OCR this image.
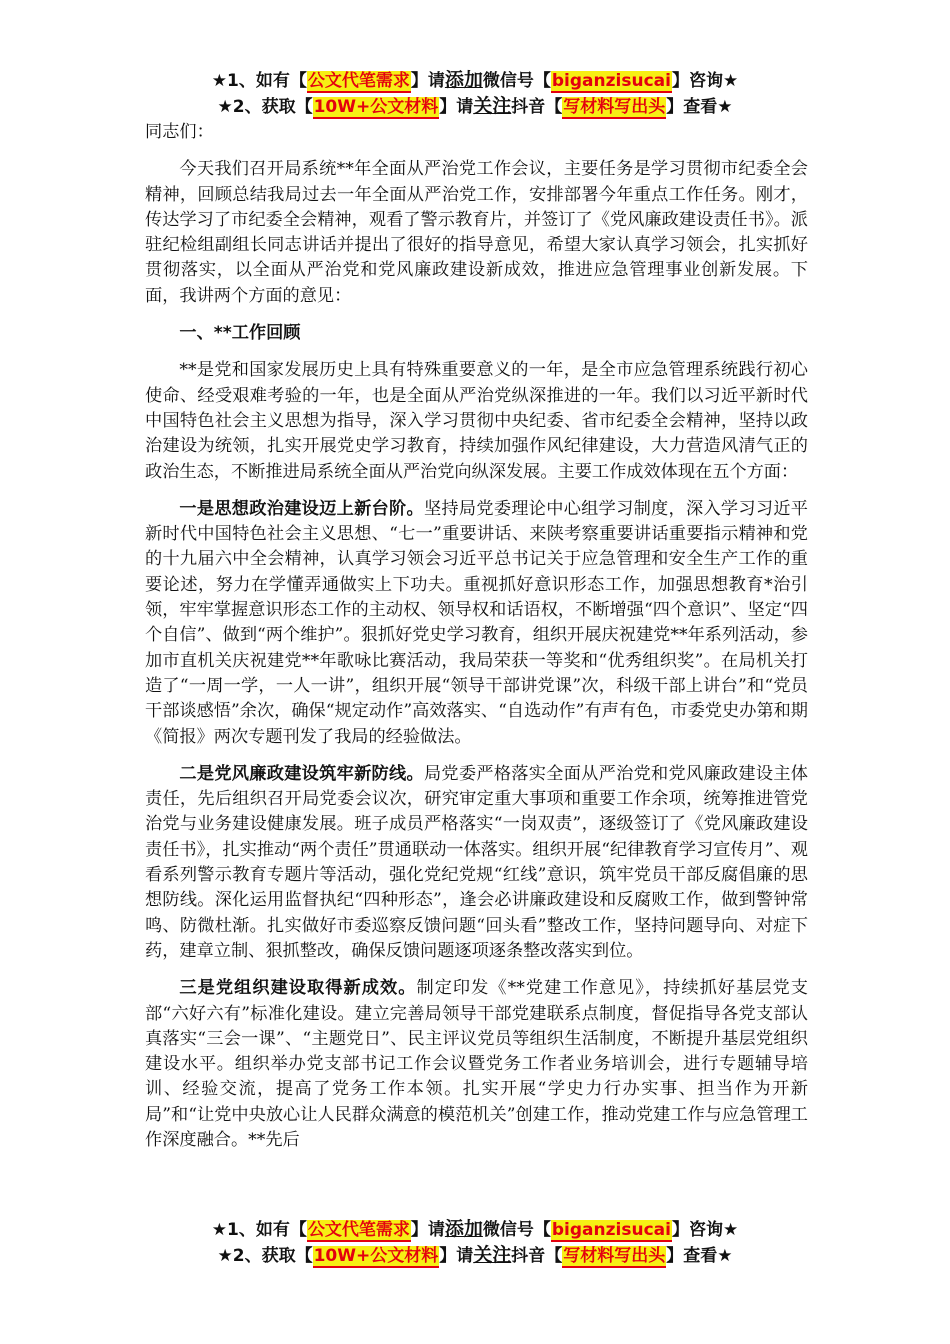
★1、如有【公文代笔需求】请添加微信号【biganzisucai】咨询★
★2、获取【10W+公文材料】请关注抖音【写材料写出头】查看★

同志们：

今天我们召开局系统**年全面从严治党工作会议，主要任务是学习贯彻市纪委全会精神，回顾总结我局过去一年全面从严治党工作，安排部署今年重点工作任务。刚才，传达学习了市纪委全会精神，观看了警示教育片，并签订了《党风廉政建设责任书》。派驻纪检组副组长同志讲话并提出了很好的指导意见，希望大家认真学习领会，扎实抓好贯彻落实，以全面从严治党和党风廉政建设新成效，推进应急管理事业创新发展。下面，我讲两个方面的意见：

一、**工作回顾

**是党和国家发展历史上具有特殊重要意义的一年，是全市应急管理系统践行初心使命、经受艰难考验的一年，也是全面从严治党纵深推进的一年。我们以习近平新时代中国特色社会主义思想为指导，深入学习贯彻中央纪委、省市纪委全会精神，坚持以政治建设为统领，扎实开展党史学习教育，持续加强作风纪律建设，大力营造风清气正的政治生态，不断推进局系统全面从严治党向纵深发展。主要工作成效体现在五个方面：

一是思想政治建设迈上新台阶。坚持局党委理论中心组学习制度，深入学习习近平新时代中国特色社会主义思想、“七一”重要讲话、来陕考察重要讲话重要指示精神和党的十九届六中全会精神，认真学习领会习近平总书记关于应急管理和安全生产工作的重要论述，努力在学懂弄通做实上下功夫。重视抓好意识形态工作，加强思想教育*治引领，牢牢掌握意识形态工作的主动权、领导权和话语权，不断增强“四个意识”、坚定“四个自信”、做到“两个维护”。狠抓好党史学习教育，组织开展庆祝建党**年系列活动，参加市直机关庆祝建党**年歌咏比赛活动，我局荣获一等奖和“优秀组织奖”。在局机关打造了“一周一学，一人一讲”，组织开展“领导干部讲党课”次，科级干部上讲台”和“党员干部谈感悟”余次，确保“规定动作”高效落实、“自选动作”有声有色，市委党史办第和期《简报》两次专题刊发了我局的经验做法。

二是党风廉政建设筑牢新防线。局党委严格落实全面从严治党和党风廉政建设主体责任，先后组织召开局党委会议次，研究审定重大事项和重要工作余项，统筹推进管党治党与业务建设健康发展。班子成员严格落实“一岗双责”，逐级签订了《党风廉政建设责任书》，扎实推动“两个责任”贯通联动一体落实。组织开展“纪律教育学习宣传月”、观看系列警示教育专题片等活动，强化党纪党规“红线”意识，筑牢党员干部反腐倡廉的思想防线。深化运用监督执纪“四种形态”，逢会必讲廉政建设和反腐败工作，做到警钟常鸣、防微杜渐。扎实做好市委巡察反馈问题“回头看”整改工作，坚持问题导向、对症下药，建章立制、狠抓整改，确保反馈问题逐项逐条整改落实到位。

三是党组织建设取得新成效。制定印发《**党建工作意见》，持续抓好基层党支部“六好六有”标准化建设。建立完善局领导干部党建联系点制度，督促指导各党支部认真落实“三会一课”、“主题党日”、民主评议党员等组织生活制度，不断提升基层党组织建设水平。组织举办党支部书记工作会议暨党务工作者业务培训会，进行专题辅导培训、经验交流，提高了党务工作本领。扎实开展“学史力行办实事、担当作为开新局”和“让党中央放心让人民群众满意的模范机关”创建工作，推动党建工作与应急管理工作深度融合。**先后

★1、如有【公文代笔需求】请添加微信号【biganzisucai】咨询★
★2、获取【10W+公文材料】请关注抖音【写材料写出头】查看★
